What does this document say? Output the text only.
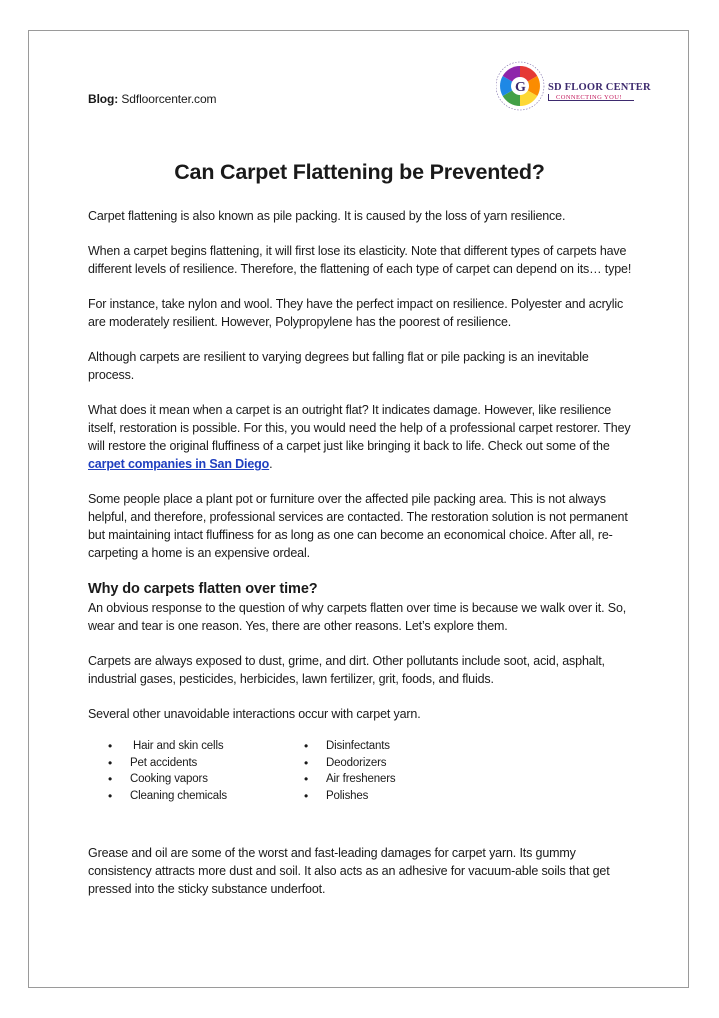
Blog: Sdfloorcenter.com
G SD FLOOR CENTER
CONNECTING YOU!
Can Carpet Flattening be Prevented?

Carpet flattening is also known as pile packing. It is caused by the loss of yarn resilience.

When a carpet begins flattening, it will first lose its elasticity. Note that different types of carpets have different levels of resilience. Therefore, the flattening of each type of carpet can depend on its… type!

For instance, take nylon and wool. They have the perfect impact on resilience. Polyester and acrylic are moderately resilient. However, Polypropylene has the poorest of resilience.

Although carpets are resilient to varying degrees but falling flat or pile packing is an inevitable process.

What does it mean when a carpet is an outright flat? It indicates damage. However, like resilience itself, restoration is possible. For this, you would need the help of a professional carpet restorer. They will restore the original fluffiness of a carpet just like bringing it back to life. Check out some of the carpet companies in San Diego.

Some people place a plant pot or furniture over the affected pile packing area. This is not always helpful, and therefore, professional services are contacted. The restoration solution is not permanent but maintaining intact fluffiness for as long as one can become an economical choice. After all, re-carpeting a home is an expensive ordeal.

Why do carpets flatten over time?

An obvious response to the question of why carpets flatten over time is because we walk over it. So, wear and tear is one reason. Yes, there are other reasons. Let’s explore them.

Carpets are always exposed to dust, grime, and dirt. Other pollutants include soot, acid, asphalt, industrial gases, pesticides, herbicides, lawn fertilizer, grit, foods, and fluids.

Several other unavoidable interactions occur with carpet yarn.

• Hair and skin cells
• Pet accidents
• Cooking vapors
• Cleaning chemicals
• Disinfectants
• Deodorizers
• Air fresheners
• Polishes

Grease and oil are some of the worst and fast-leading damages for carpet yarn. Its gummy consistency attracts more dust and soil. It also acts as an adhesive for vacuum-able soils that get pressed into the sticky substance underfoot.
